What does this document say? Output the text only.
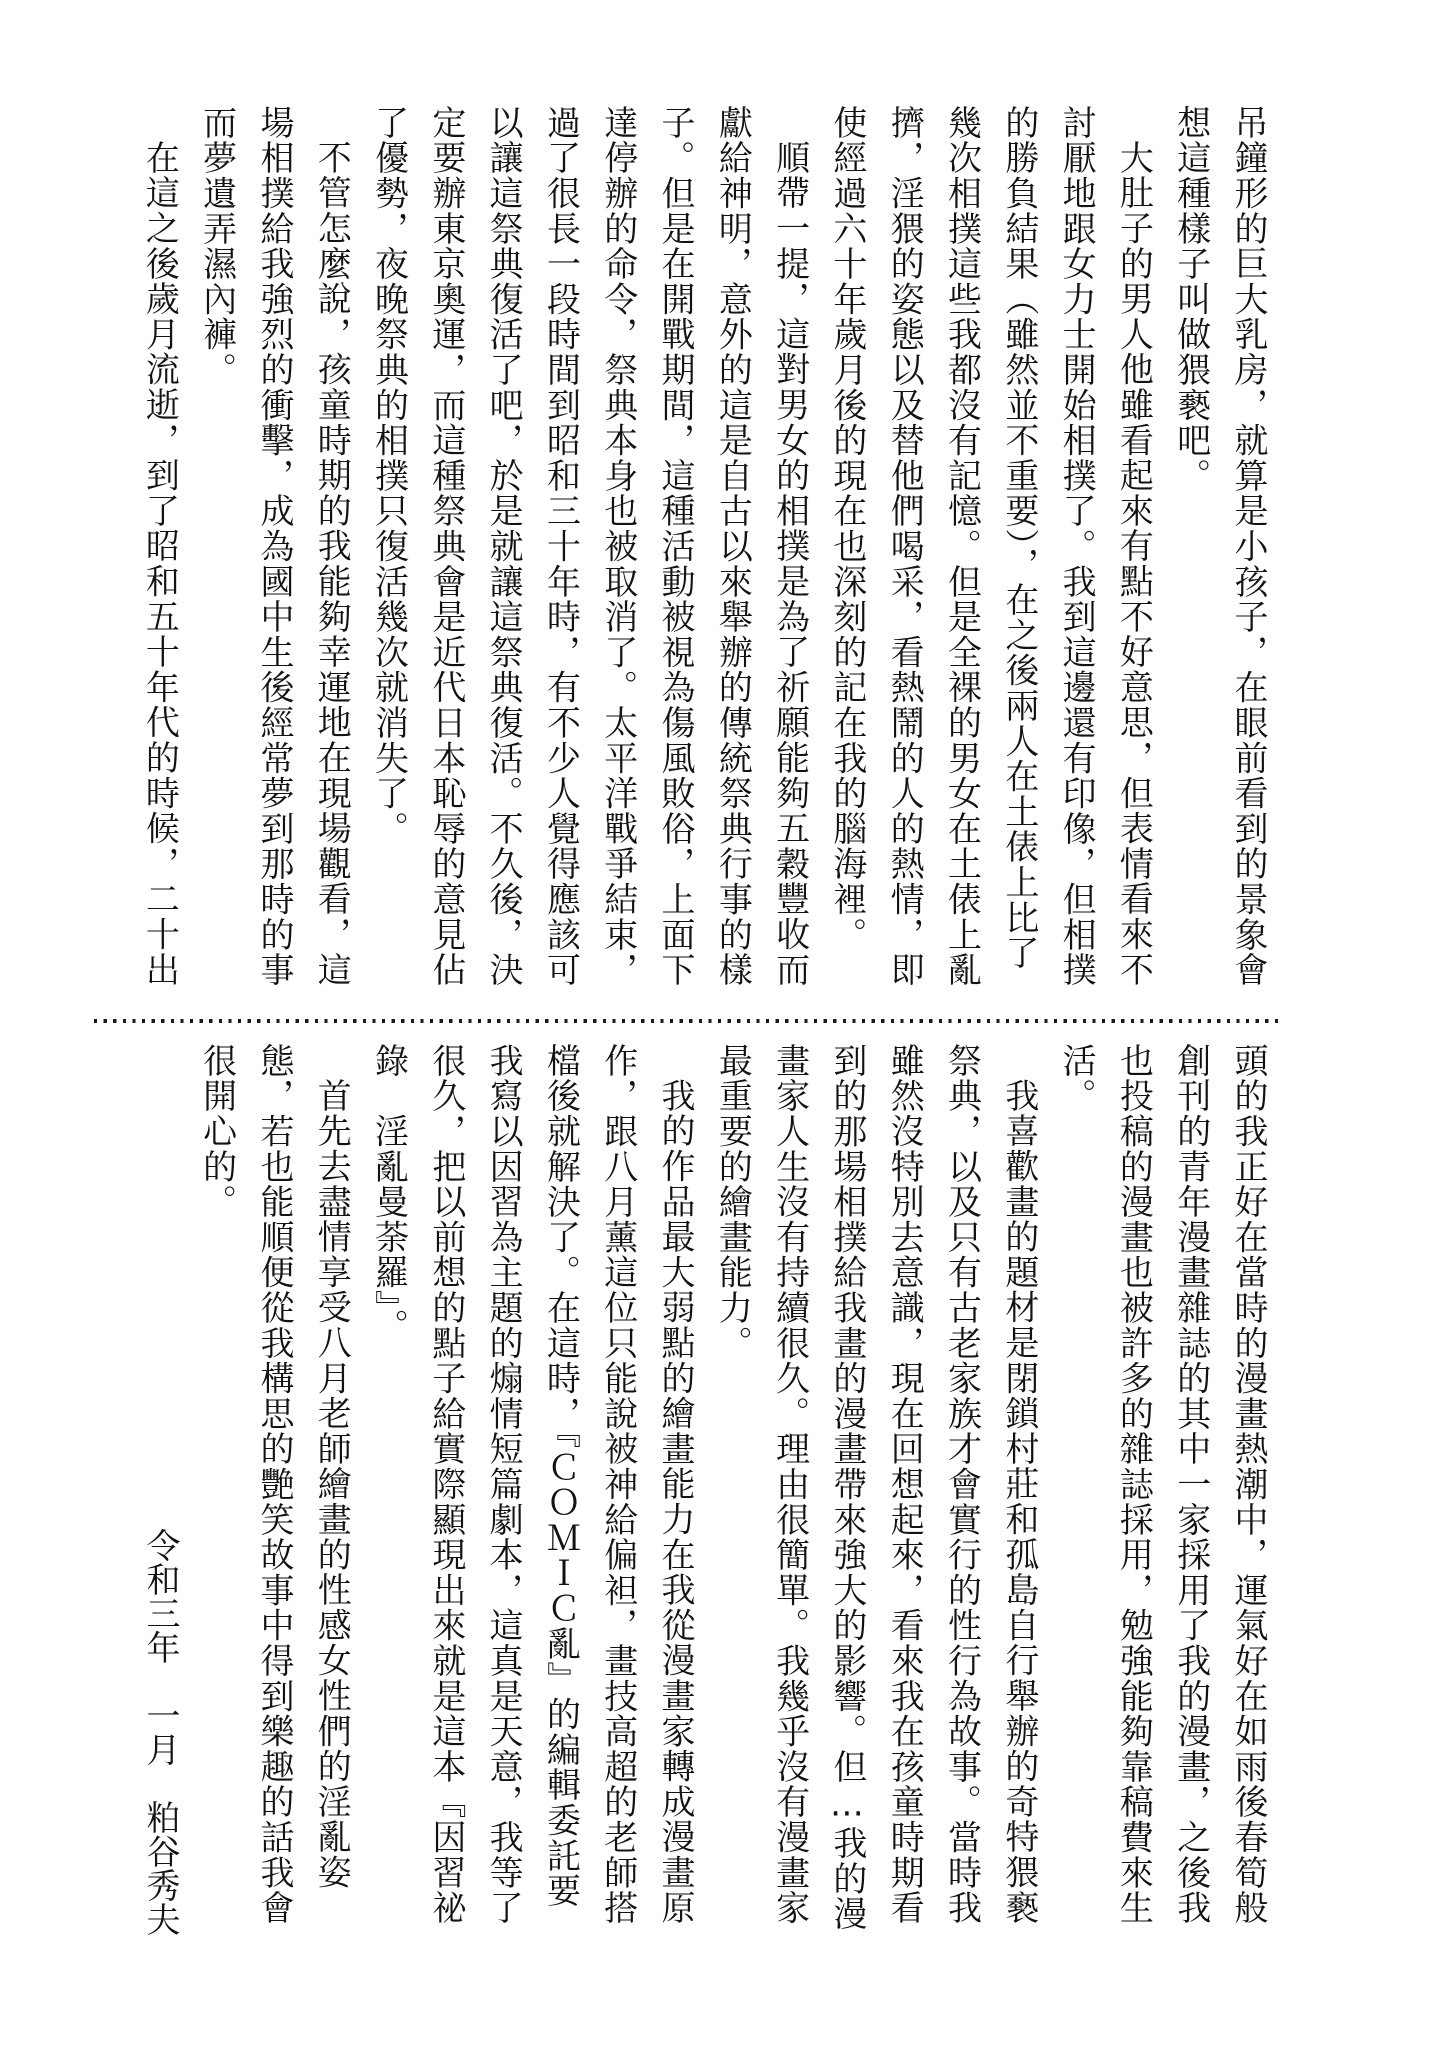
吊鐘形的巨大乳房，就算是小孩子，在眼前看到的景象會
想這種樣子叫做猥褻吧。
大肚子的男人他雖看起來有點不好意思，但表情看來不
討厭地跟女力士開始相撲了。我到這邊還有印像，但相撲
的勝負結果（雖然並不重要），在之後兩人在土俵上比了
幾次相撲這些我都沒有記憶。但是全裸的男女在土俵上亂
擠，淫猥的姿態以及替他們喝采，看熱鬧的人的熱情，即
使經過六十年歲月後的現在也深刻的記在我的腦海裡。
順帶一提，這對男女的相撲是為了祈願能夠五穀豐收而
獻給神明，意外的這是自古以來舉辦的傳統祭典行事的樣
子。但是在開戰期間，這種活動被視為傷風敗俗，上面下
達停辦的命令，祭典本身也被取消了。太平洋戰爭結束，
過了很長一段時間到昭和三十年時，有不少人覺得應該可
以讓這祭典復活了吧，於是就讓這祭典復活。不久後，決
定要辦東京奧運，而這種祭典會是近代日本恥辱的意見佔
了優勢，夜晚祭典的相撲只復活幾次就消失了。
不管怎麼說，孩童時期的我能夠幸運地在現場觀看，這
場相撲給我強烈的衝擊，成為國中生後經常夢到那時的事
而夢遺弄濕內褲。
在這之後歲月流逝，到了昭和五十年代的時候，二十出
頭的我正好在當時的漫畫熱潮中，運氣好在如雨後春筍般
創刊的青年漫畫雜誌的其中一家採用了我的漫畫，之後我
也投稿的漫畫也被許多的雜誌採用，勉強能夠靠稿費來生
活。
我喜歡畫的題材是閉鎖村莊和孤島自行舉辦的奇特猥褻
祭典，以及只有古老家族才會實行的性行為故事。當時我
雖然沒特別去意識，現在回想起來，看來我在孩童時期看
到的那場相撲給我畫的漫畫帶來強大的影響。但…我的漫
畫家人生沒有持續很久。理由很簡單。我幾乎沒有漫畫家
最重要的繪畫能力。
我的作品最大弱點的繪畫能力在我從漫畫家轉成漫畫原
作，跟八月薰這位只能說被神給偏袒，畫技高超的老師搭
檔後就解決了。在這時，『ＣＯＭＩＣ亂』的編輯委託要
我寫以因習為主題的煽情短篇劇本，這真是天意，我等了
很久，把以前想的點子給實際顯現出來就是這本『因習祕
錄　淫亂曼荼羅』。
首先去盡情享受八月老師繪畫的性感女性們的淫亂姿
態，若也能順便從我構思的艷笑故事中得到樂趣的話我會
很開心的。
令和三年　一月　粕谷秀夫
